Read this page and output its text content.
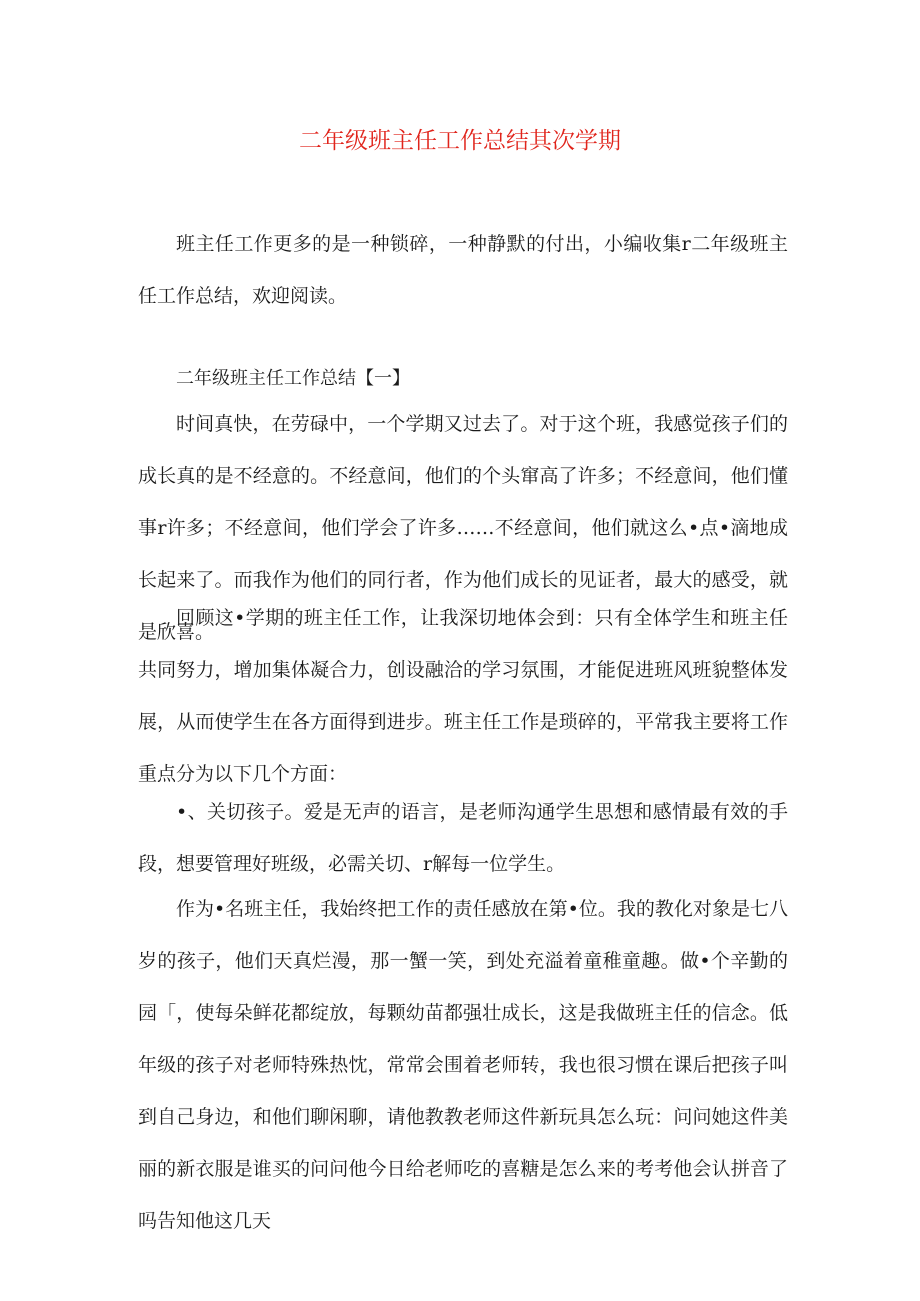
二年级班主任工作总结其次学期

班主任工作更多的是一种锁碎，一种静默的付出，小编收集r二年级班主任工作总结，欢迎阅读。

二年级班主任工作总结【一】

时间真快，在劳碌中，一个学期又过去了。对于这个班，我感觉孩子们的成长真的是不经意的。不经意间，他们的个头窜高了许多；不经意间，他们懂事r许多；不经意间，他们学会了许多……不经意间，他们就这么•点•滴地成长起来了。而我作为他们的同行者，作为他们成长的见证者，最大的感受，就是欣喜。

回顾这•学期的班主任工作，让我深切地体会到：只有全体学生和班主任共同努力，增加集体凝合力，创设融洽的学习氛围，才能促进班风班貌整体发展，从而使学生在各方面得到进步。班主任工作是琐碎的，平常我主要将工作重点分为以下几个方面：

•、关切孩子。爱是无声的语言，是老师沟通学生思想和感情最有效的手段，想要管理好班级，必需关切、r解每一位学生。

作为•名班主任，我始终把工作的责任感放在第•位。我的教化对象是七八岁的孩子，他们天真烂漫，那一蟹一笑，到处充溢着童稚童趣。做•个辛勤的园「，使每朵鲜花都绽放，每颗幼苗都强壮成长，这是我做班主任的信念。低年级的孩子对老师特殊热忱，常常会围着老师转，我也很习惯在课后把孩子叫到自己身边，和他们聊闲聊，请他教教老师这件新玩具怎么玩：问问她这件美丽的新衣服是谁买的问问他今日给老师吃的喜糖是怎么来的考考他会认拼音了吗告知他这几天
